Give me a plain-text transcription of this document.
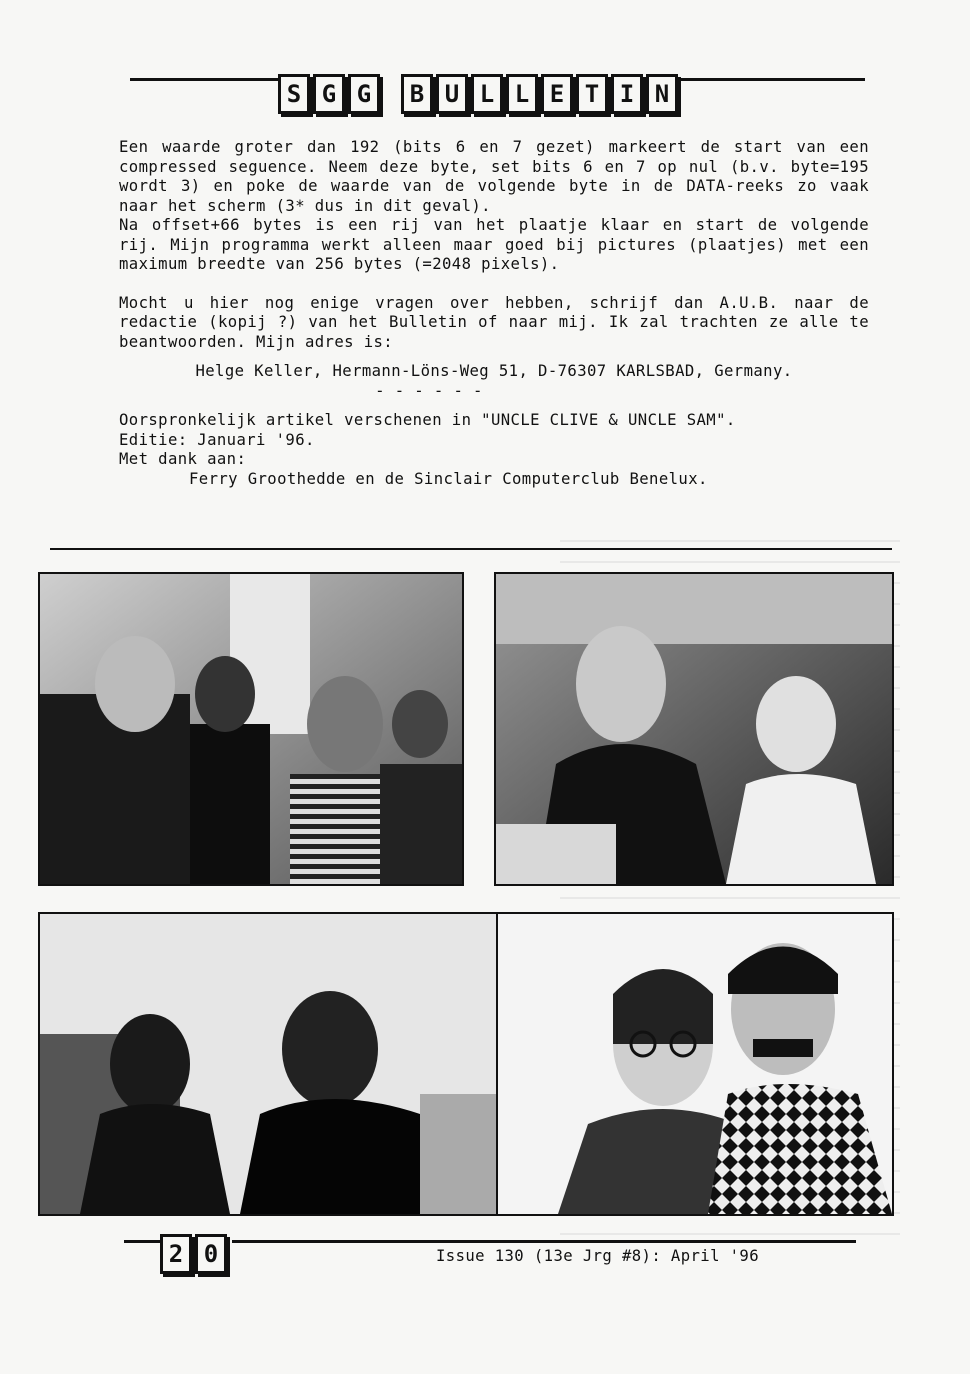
S G G	B U L L E T I N

Een waarde groter dan 192 (bits 6 en 7 gezet) markeert de start van een compressed seguence. Neem deze byte, set bits 6 en 7 op nul (b.v. byte=195 wordt 3) en poke de waarde van de volgende byte in de DATA-reeks zo vaak naar het scherm (3* dus in dit geval).

Na offset+66 bytes is een rij van het plaatje klaar en start de volgende rij. Mijn programma werkt alleen maar goed bij pictures (plaatjes) met een maximum breedte van 256 bytes (=2048 pixels).

Mocht u hier nog enige vragen over hebben, schrijf dan A.U.B. naar de redactie (kopij ?) van het Bulletin of naar mij. Ik zal trachten ze alle te beantwoorden. Mijn adres is:

Helge Keller, Hermann-Löns-Weg 51, D-76307 KARLSBAD, Germany.
- - - - - -
Oorspronkelijk artikel verschenen in "UNCLE CLIVE & UNCLE SAM".
Editie: Januari '96.
Met dank aan:
Ferry Groothedde en de Sinclair Computerclub Benelux.
2 0	Issue 130 (13e Jrg #8): April '96
